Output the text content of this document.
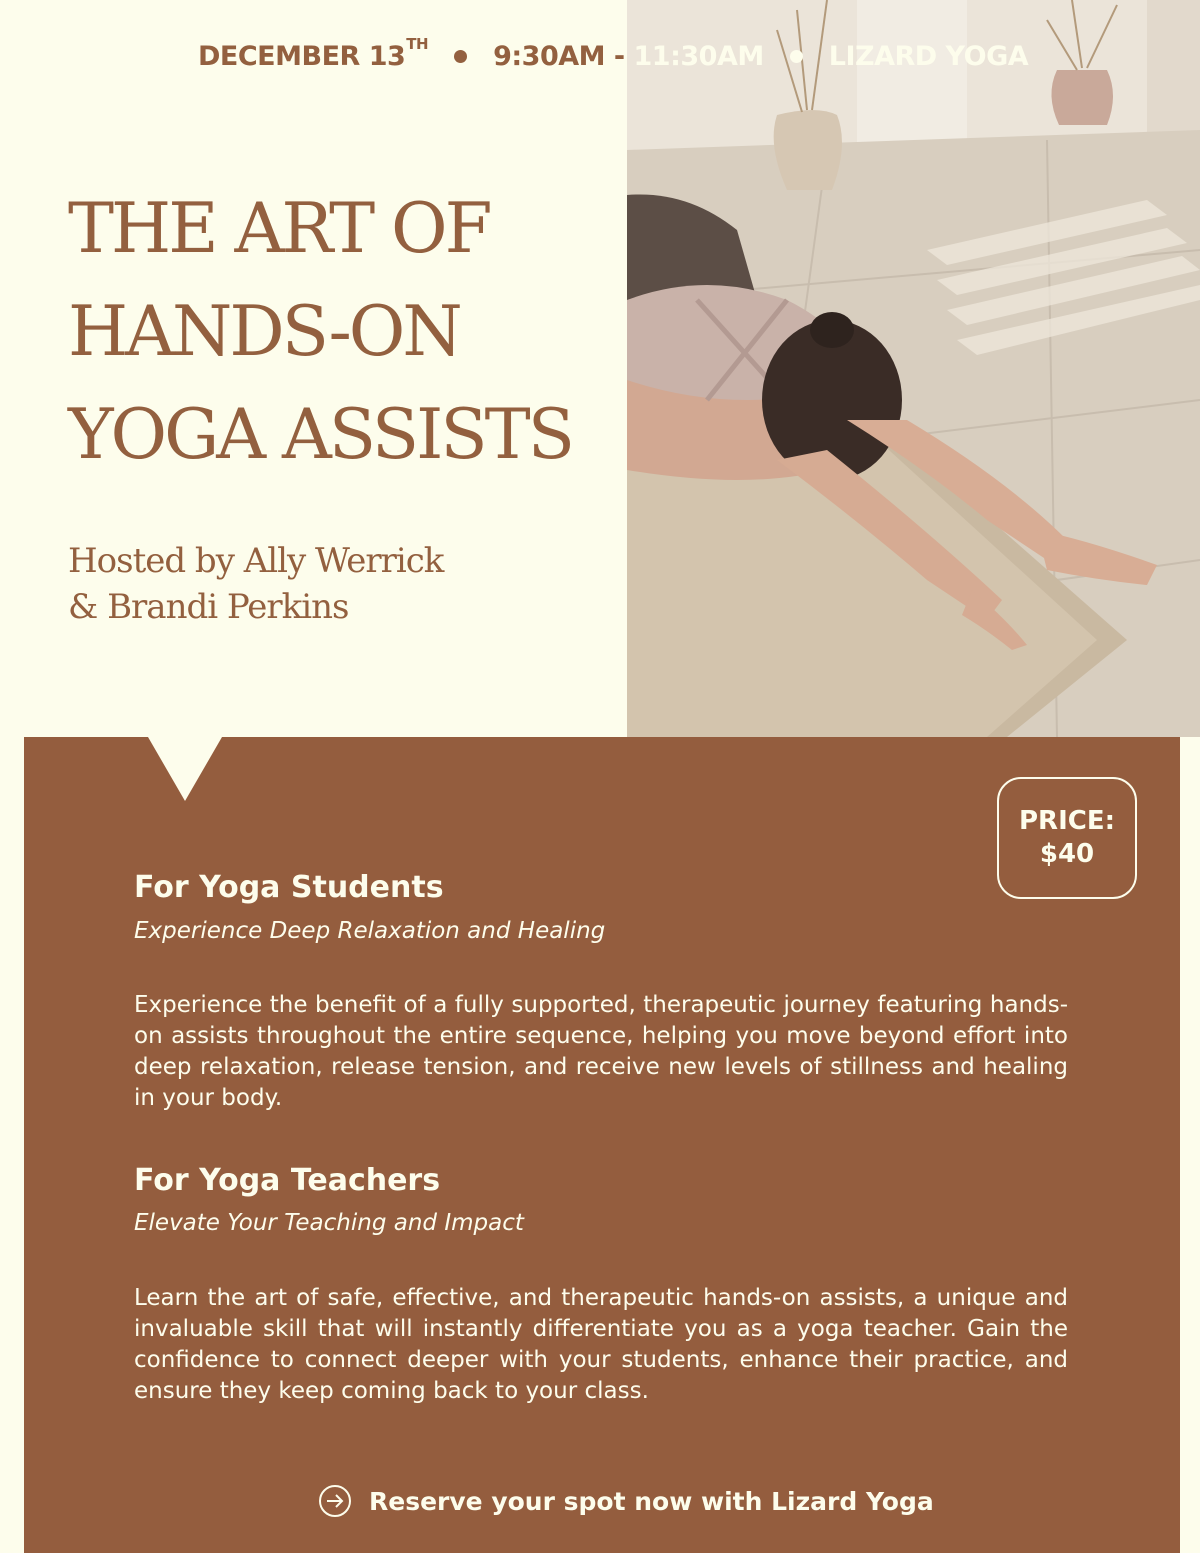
DECEMBER 13TH 9:30AM - 11:30AM LIZARD YOGA
THE ART OF
HANDS-ON
YOGA ASSISTS
Hosted by Ally Werrick
& Brandi Perkins
PRICE:
$40
For Yoga Students
Experience Deep Relaxation and Healing
Experience the benefit of a fully supported, therapeutic journey featuring hands-on assists throughout the entire sequence, helping you move beyond effort into deep relaxation, release tension, and receive new levels of stillness and healing in your body.
For Yoga Teachers
Elevate Your Teaching and Impact
Learn the art of safe, effective, and therapeutic hands-on assists, a unique and invaluable skill that will instantly differentiate you as a yoga teacher. Gain the confidence to connect deeper with your students, enhance their practice, and ensure they keep coming back to your class.
Reserve your spot now with Lizard Yoga
